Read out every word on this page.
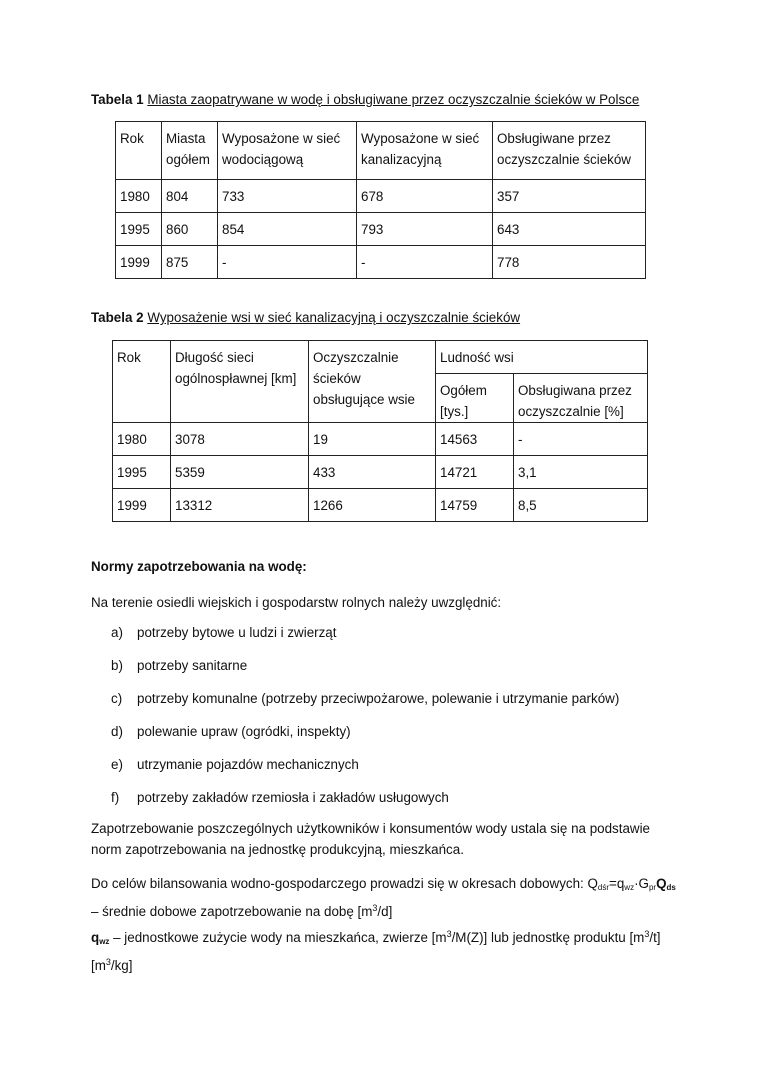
Tabela 1 Miasta zaopatrywane w wodę i obsługiwane przez oczyszczalnie ścieków w Polsce
Rok	Miasta ogółem	Wyposażone w sieć wodociągową	Wyposażone w sieć kanalizacyjną	Obsługiwane przez oczyszczalnie ścieków
1980	804	733	678	357
1995	860	854	793	643
1999	875	-	-	778
Tabela 2 Wyposażenie wsi w sieć kanalizacyjną i oczyszczalnie ścieków
Rok	Długość sieci ogólnospławnej [km]	Oczyszczalnie ścieków obsługujące wsie	Ludność wsi	
			Ogółem [tys.]	Obsługiwana przez oczyszczalnie [%]
1980	3078	19	14563	-
1995	5359	433	14721	3,1
1999	13312	1266	14759	8,5
Normy zapotrzebowania na wodę:
Na terenie osiedli wiejskich i gospodarstw rolnych należy uwzględnić:
a)	potrzeby bytowe u ludzi i zwierząt
b)	potrzeby sanitarne
c)	potrzeby komunalne (potrzeby przeciwpożarowe, polewanie i utrzymanie parków)
d)	polewanie upraw (ogródki, inspekty)
e)	utrzymanie pojazdów mechanicznych
f)	potrzeby zakładów rzemiosła i zakładów usługowych
Zapotrzebowanie poszczególnych użytkowników i konsumentów wody ustala się na podstawie norm zapotrzebowania na jednostkę produkcyjną, mieszkańca.
Do celów bilansowania wodno-gospodarczego prowadzi się w okresach dobowych: $Q_{dśr}=q_{wz}\cdot G_{pr}Q_{ds}$ – średnie dobowe zapotrzebowanie na dobę $[m^3/d]$
$q_{wz}$ – jednostkowe zużycie wody na mieszkańca, zwierze $[m^3/M(Z)]$ lub jednostkę produktu $[m^3/t]$ $[m^3/kg]$
